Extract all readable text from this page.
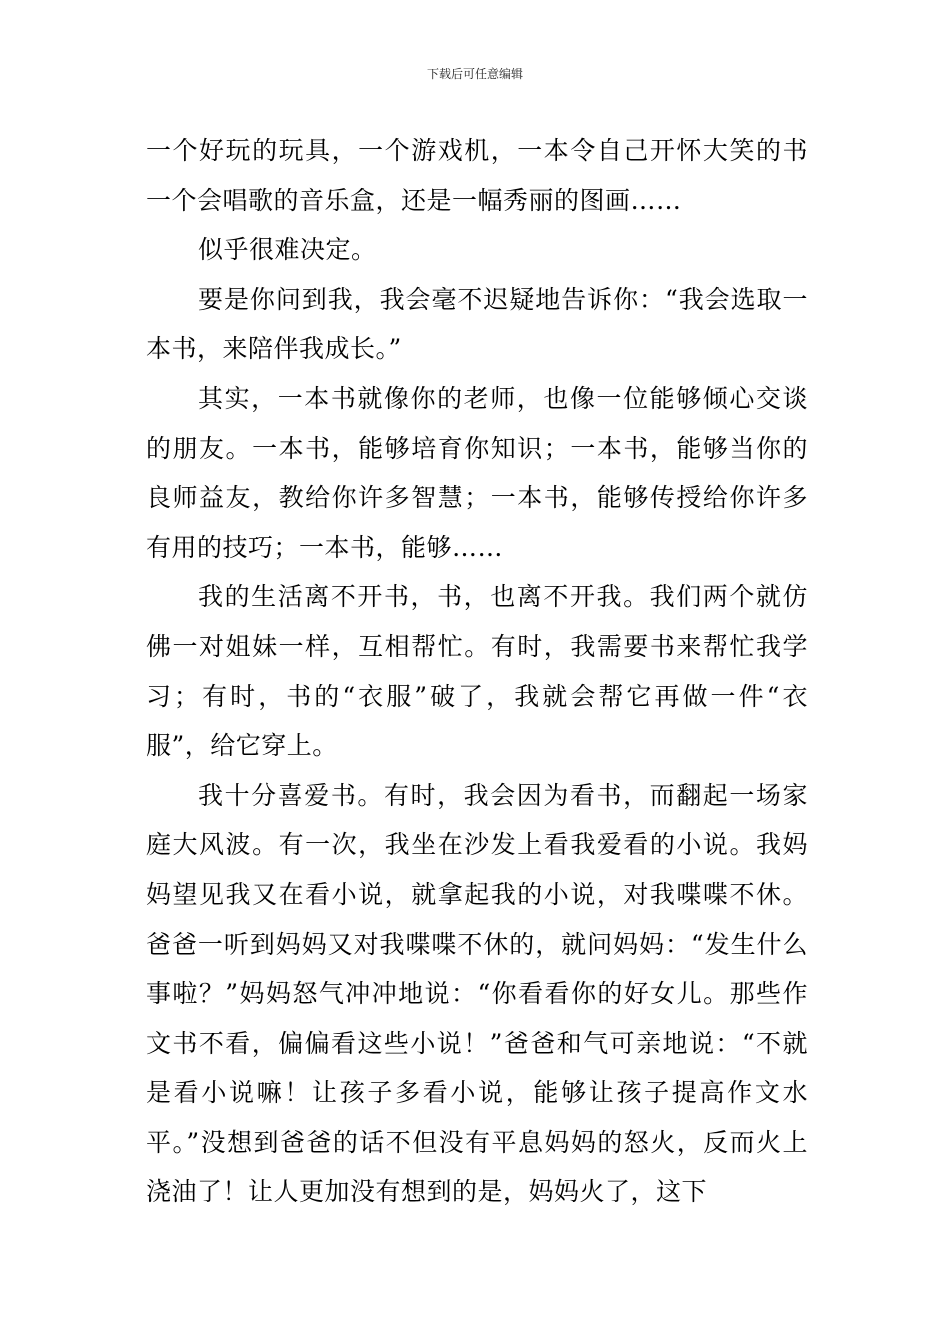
下载后可任意编辑

一个好玩的玩具，一个游戏机，一本令自己开怀大笑的书一个会唱歌的音乐盒，还是一幅秀丽的图画……

似乎很难决定。

要是你问到我，我会毫不迟疑地告诉你：“我会选取一本书，来陪伴我成长。”

其实，一本书就像你的老师，也像一位能够倾心交谈的朋友。一本书，能够培育你知识；一本书，能够当你的良师益友，教给你许多智慧；一本书，能够传授给你许多有用的技巧；一本书，能够……

我的生活离不开书，书，也离不开我。我们两个就仿佛一对姐妹一样，互相帮忙。有时，我需要书来帮忙我学习；有时，书的“衣服”破了，我就会帮它再做一件“衣服”，给它穿上。

我十分喜爱书。有时，我会因为看书，而翻起一场家庭大风波。有一次，我坐在沙发上看我爱看的小说。我妈妈望见我又在看小说，就拿起我的小说，对我喋喋不休。爸爸一听到妈妈又对我喋喋不休的，就问妈妈：“发生什么事啦？”妈妈怒气冲冲地说：“你看看你的好女儿。那些作文书不看，偏偏看这些小说！”爸爸和气可亲地说：“不就是看小说嘛！让孩子多看小说，能够让孩子提高作文水平。”没想到爸爸的话不但没有平息妈妈的怒火，反而火上浇油了！让人更加没有想到的是，妈妈火了，这下
